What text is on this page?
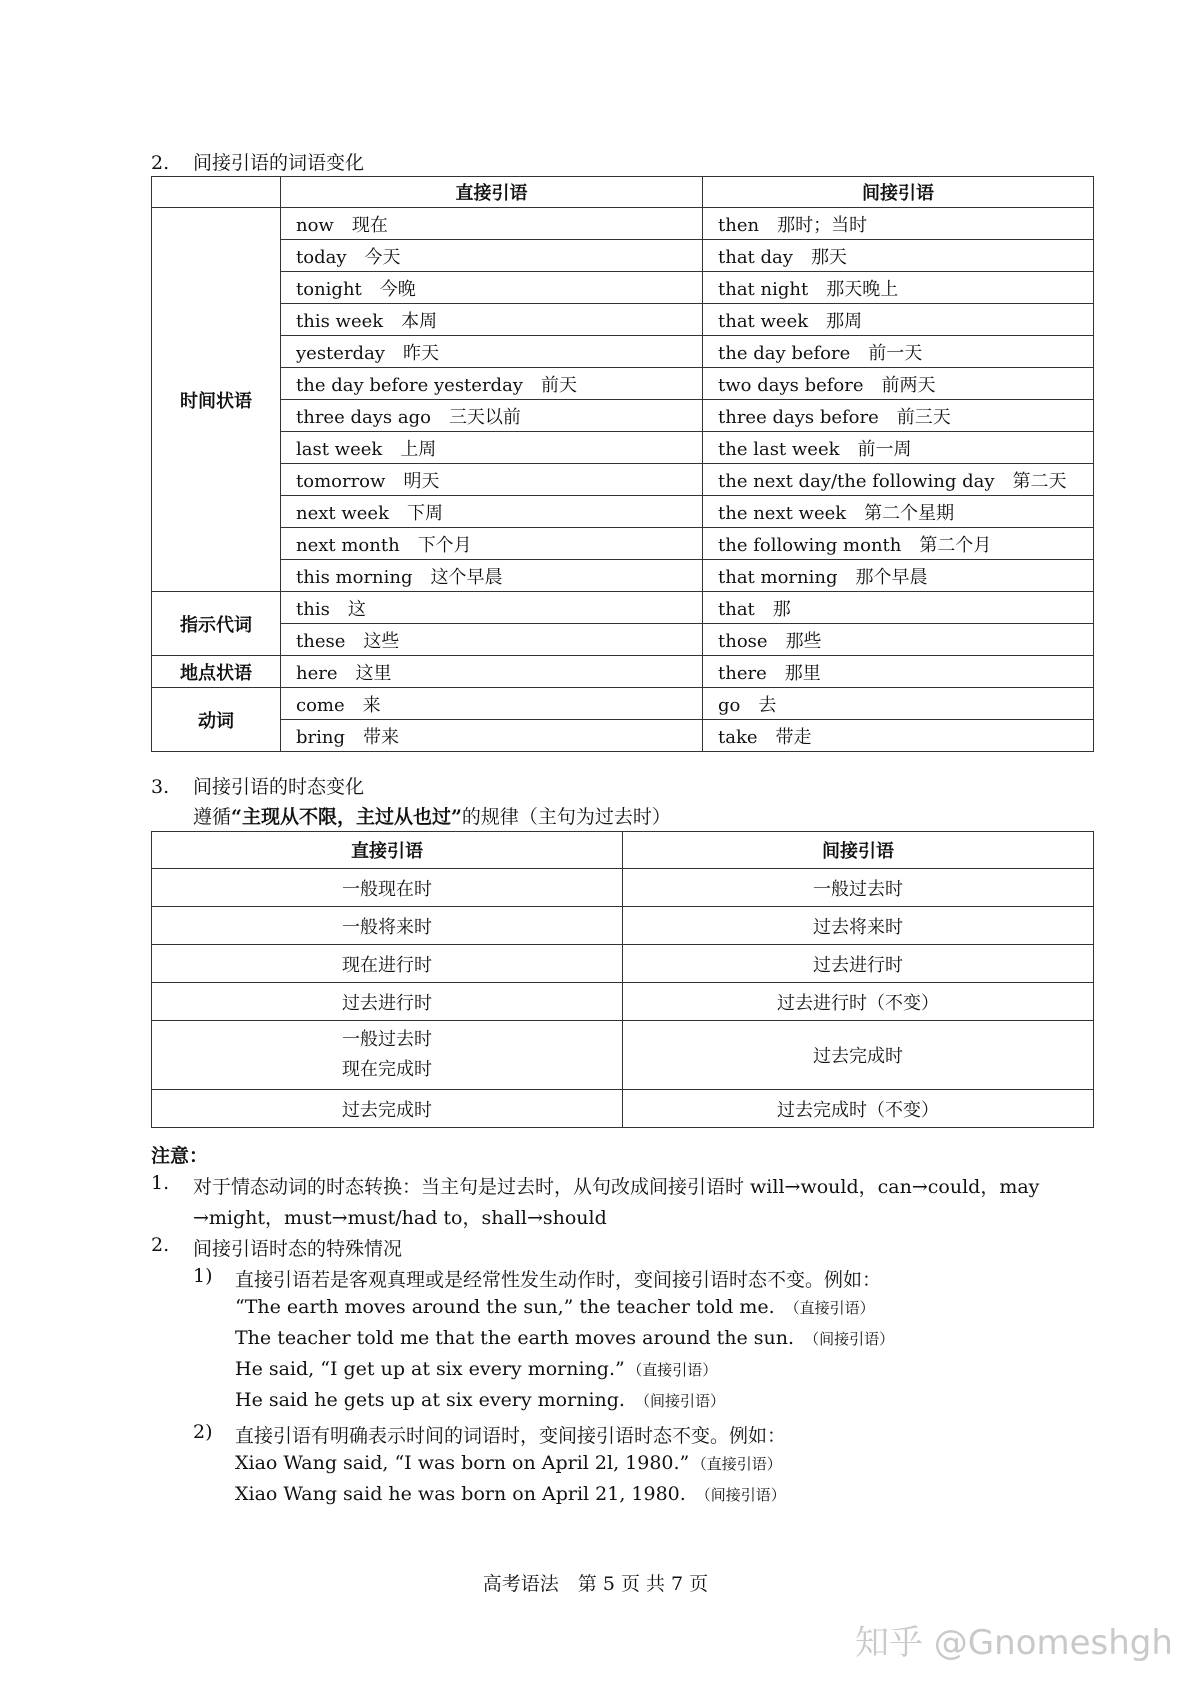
2. 间接引语的词语变化
	直接引语	间接引语
时间状语	now 现在	then 那时；当时
	today 今天	that day 那天
	tonight 今晚	that night 那天晚上
	this week 本周	that week 那周
	yesterday 昨天	the day before 前一天
	the day before yesterday 前天	two days before 前两天
	three days ago 三天以前	three days before 前三天
	last week 上周	the last week 前一周
	tomorrow 明天	the next day/the following day 第二天
	next week 下周	the next week 第二个星期
	next month 下个月	the following month 第二个月
	this morning 这个早晨	that morning 那个早晨
指示代词	this 这	that 那
	these 这些	those 那些
地点状语	here 这里	there 那里
动词	come 来	go 去
	bring 带来	take 带走
3. 间接引语的时态变化
遵循“主现从不限，主过从也过”的规律（主句为过去时）
直接引语	间接引语

一般现在时	一般过去时

一般将来时	过去将来时

现在进行时	过去进行时

过去进行时	过去进行时（不变）

一般过去时
现在完成时	过去完成时

过去完成时	过去完成时（不变）
注意：
1. 对于情态动词的时态转换：当主句是过去时，从句改成间接引语时 will→would，can→could，may
→might，must→must/had to，shall→should
2. 间接引语时态的特殊情况
1) 直接引语若是客观真理或是经常性发生动作时，变间接引语时态不变。例如：
“The earth moves around the sun,” the teacher told me. （直接引语）
The teacher told me that the earth moves around the sun. （间接引语）
He said, “I get up at six every morning.” （直接引语）
He said he gets up at six every morning. （间接引语）
2) 直接引语有明确表示时间的词语时，变间接引语时态不变。例如：
Xiao Wang said, “I was born on April 2l, 1980.” （直接引语）
Xiao Wang said he was born on April 21, 1980. （间接引语）
高考语法　第 5 页 共 7 页
知乎 @Gnomeshgh
